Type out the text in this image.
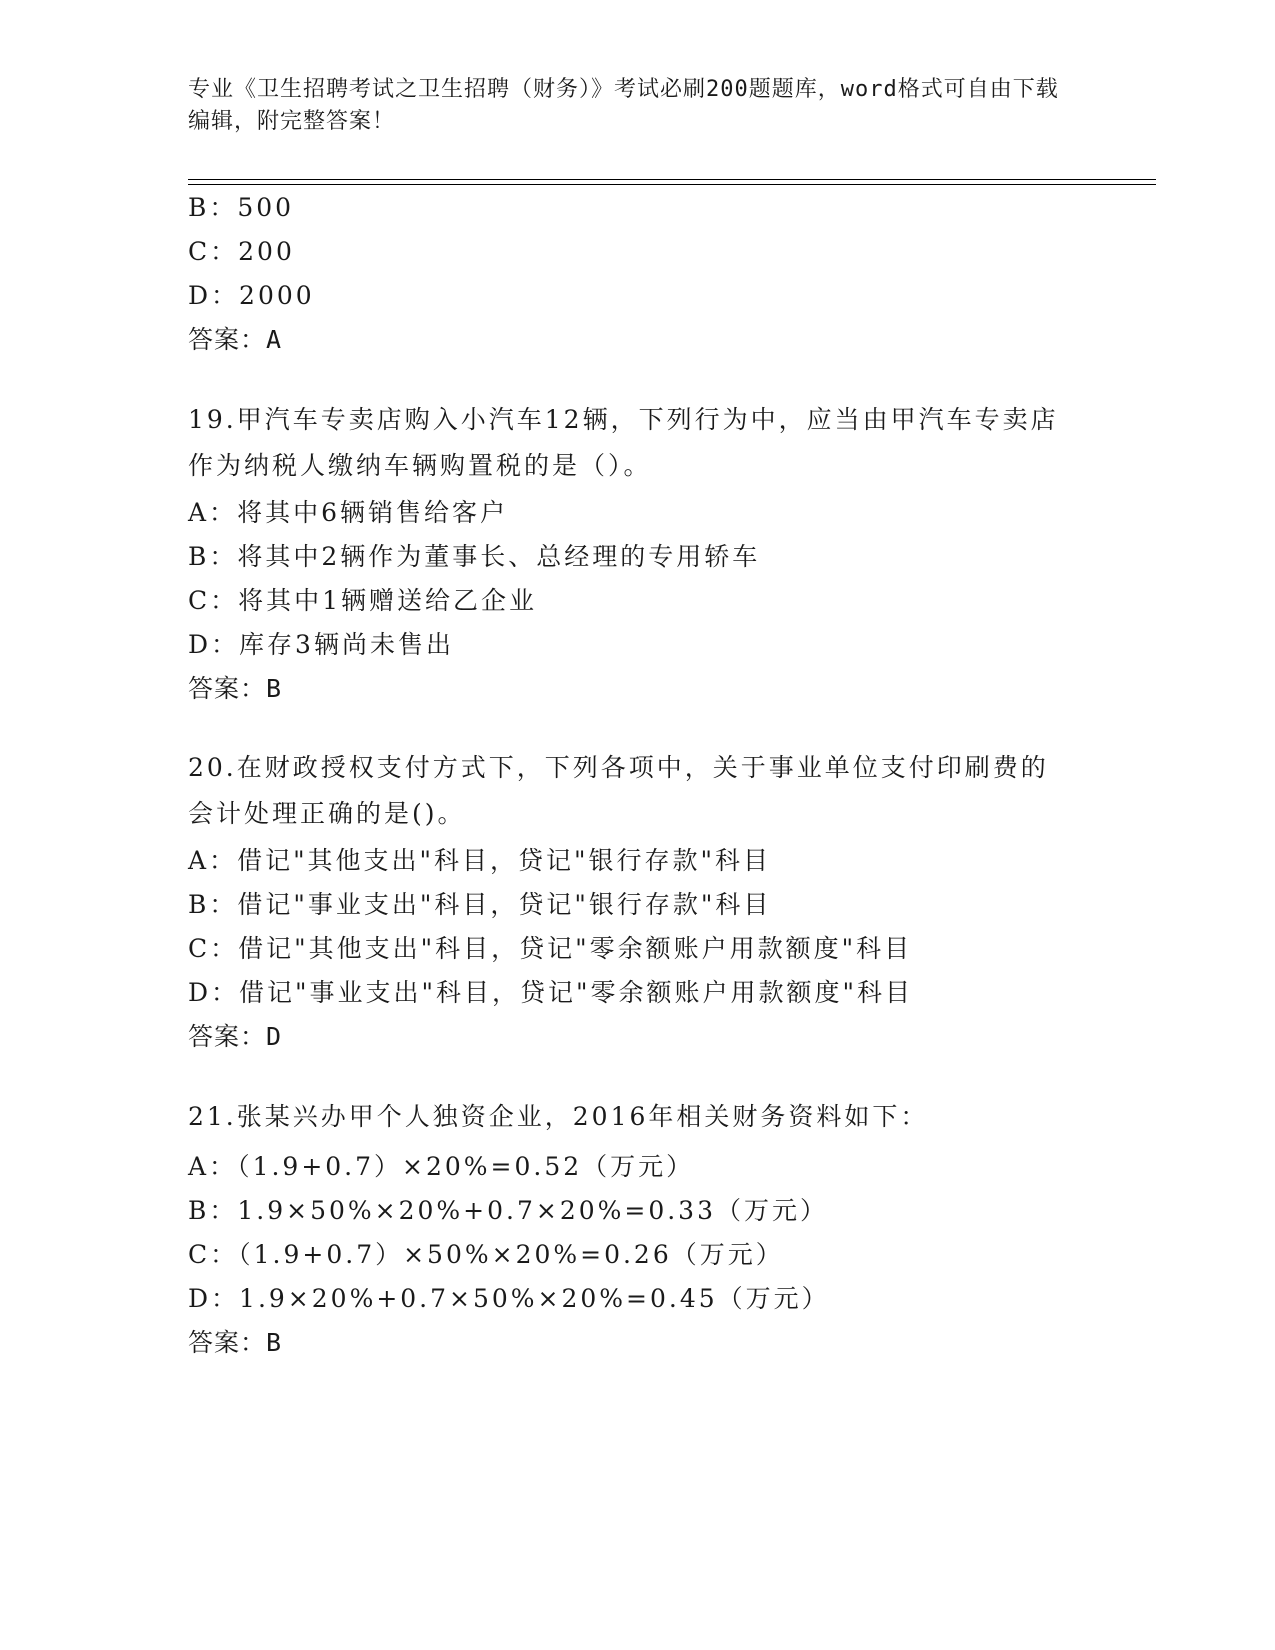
专业《卫生招聘考试之卫生招聘（财务）》考试必刷200题题库，word格式可自由下载编辑，附完整答案！
B：500
C：200
D：2000
答案：A
19.甲汽车专卖店购入小汽车12辆，下列行为中，应当由甲汽车专卖店作为纳税人缴纳车辆购置税的是（）。
A：将其中6辆销售给客户
B：将其中2辆作为董事长、总经理的专用轿车
C：将其中1辆赠送给乙企业
D：库存3辆尚未售出
答案：B
20.在财政授权支付方式下，下列各项中，关于事业单位支付印刷费的会计处理正确的是()。
A：借记"其他支出"科目，贷记"银行存款"科目
B：借记"事业支出"科目，贷记"银行存款"科目
C：借记"其他支出"科目，贷记"零余额账户用款额度"科目
D：借记"事业支出"科目，贷记"零余额账户用款额度"科目
答案：D
21.张某兴办甲个人独资企业，2016年相关财务资料如下：
A：（1.9+0.7）×20%=0.52（万元）
B：1.9×50%×20%+0.7×20%=0.33（万元）
C：（1.9+0.7）×50%×20%=0.26（万元）
D：1.9×20%+0.7×50%×20%=0.45（万元）
答案：B
